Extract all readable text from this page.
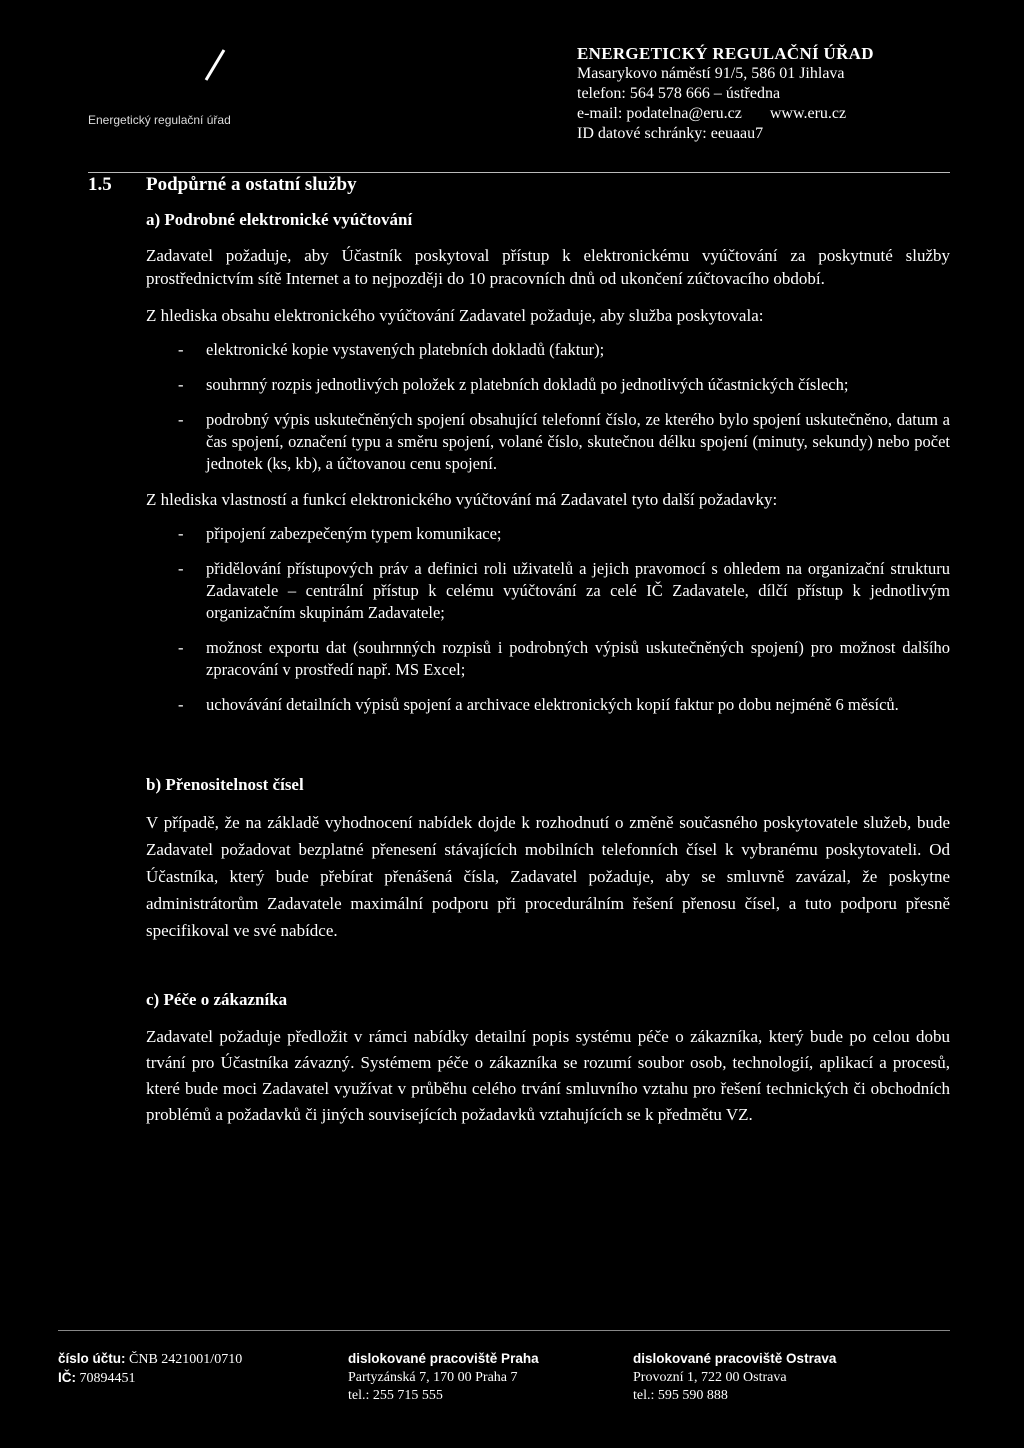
Energetický regulační úřad
ENERGETICKÝ REGULAČNÍ ÚŘAD
Masarykovo náměstí 91/5, 586 01 Jihlava
telefon: 564 578 666 – ústředna
e-mail: podatelna@eru.cz www.eru.cz
ID datové schránky: eeuaau7
1.5	Podpůrné a ostatní služby
a) Podrobné elektronické vyúčtování

Zadavatel požaduje, aby Účastník poskytoval přístup k elektronickému vyúčtování za poskytnuté služby prostřednictvím sítě Internet a to nejpozději do 10 pracovních dnů od ukončení zúčtovacího období.

Z hlediska obsahu elektronického vyúčtování Zadavatel požaduje, aby služba poskytovala:

-	elektronické kopie vystavených platebních dokladů (faktur);
-	souhrnný rozpis jednotlivých položek z platebních dokladů po jednotlivých účastnických číslech;
-	podrobný výpis uskutečněných spojení obsahující telefonní číslo, ze kterého bylo spojení uskutečněno, datum a čas spojení, označení typu a směru spojení, volané číslo, skutečnou délku spojení (minuty, sekundy) nebo počet jednotek (ks, kb), a účtovanou cenu spojení.

Z hlediska vlastností a funkcí elektronického vyúčtování má Zadavatel tyto další požadavky:

-	připojení zabezpečeným typem komunikace;
-	přidělování přístupových práv a definici roli uživatelů a jejich pravomocí s ohledem na organizační strukturu Zadavatele – centrální přístup k celému vyúčtování za celé IČ Zadavatele, dílčí přístup k jednotlivým organizačním skupinám Zadavatele;
-	možnost exportu dat (souhrnných rozpisů i podrobných výpisů uskutečněných spojení) pro možnost dalšího zpracování v prostředí např. MS Excel;
-	uchovávání detailních výpisů spojení a archivace elektronických kopií faktur po dobu nejméně 6 měsíců.
b) Přenositelnost čísel

V případě, že na základě vyhodnocení nabídek dojde k rozhodnutí o změně současného poskytovatele služeb, bude Zadavatel požadovat bezplatné přenesení stávajících mobilních telefonních čísel k vybranému poskytovateli. Od Účastníka, který bude přebírat přenášená čísla, Zadavatel požaduje, aby se smluvně zavázal, že poskytne administrátorům Zadavatele maximální podporu při procedurálním řešení přenosu čísel, a tuto podporu přesně specifikoval ve své nabídce.

c) Péče o zákazníka

Zadavatel požaduje předložit v rámci nabídky detailní popis systému péče o zákazníka, který bude po celou dobu trvání pro Účastníka závazný. Systémem péče o zákazníka se rozumí soubor osob, technologií, aplikací a procesů, které bude moci Zadavatel využívat v průběhu celého trvání smluvního vztahu pro řešení technických či obchodních problémů a požadavků či jiných souvisejících požadavků vztahujících se k předmětu VZ.

číslo účtu: ČNB 2421001/0710
IČ: 70894451
dislokované pracoviště Praha
Partyzánská 7, 170 00 Praha 7
tel.: 255 715 555
dislokované pracoviště Ostrava
Provozní 1, 722 00 Ostrava
tel.: 595 590 888
